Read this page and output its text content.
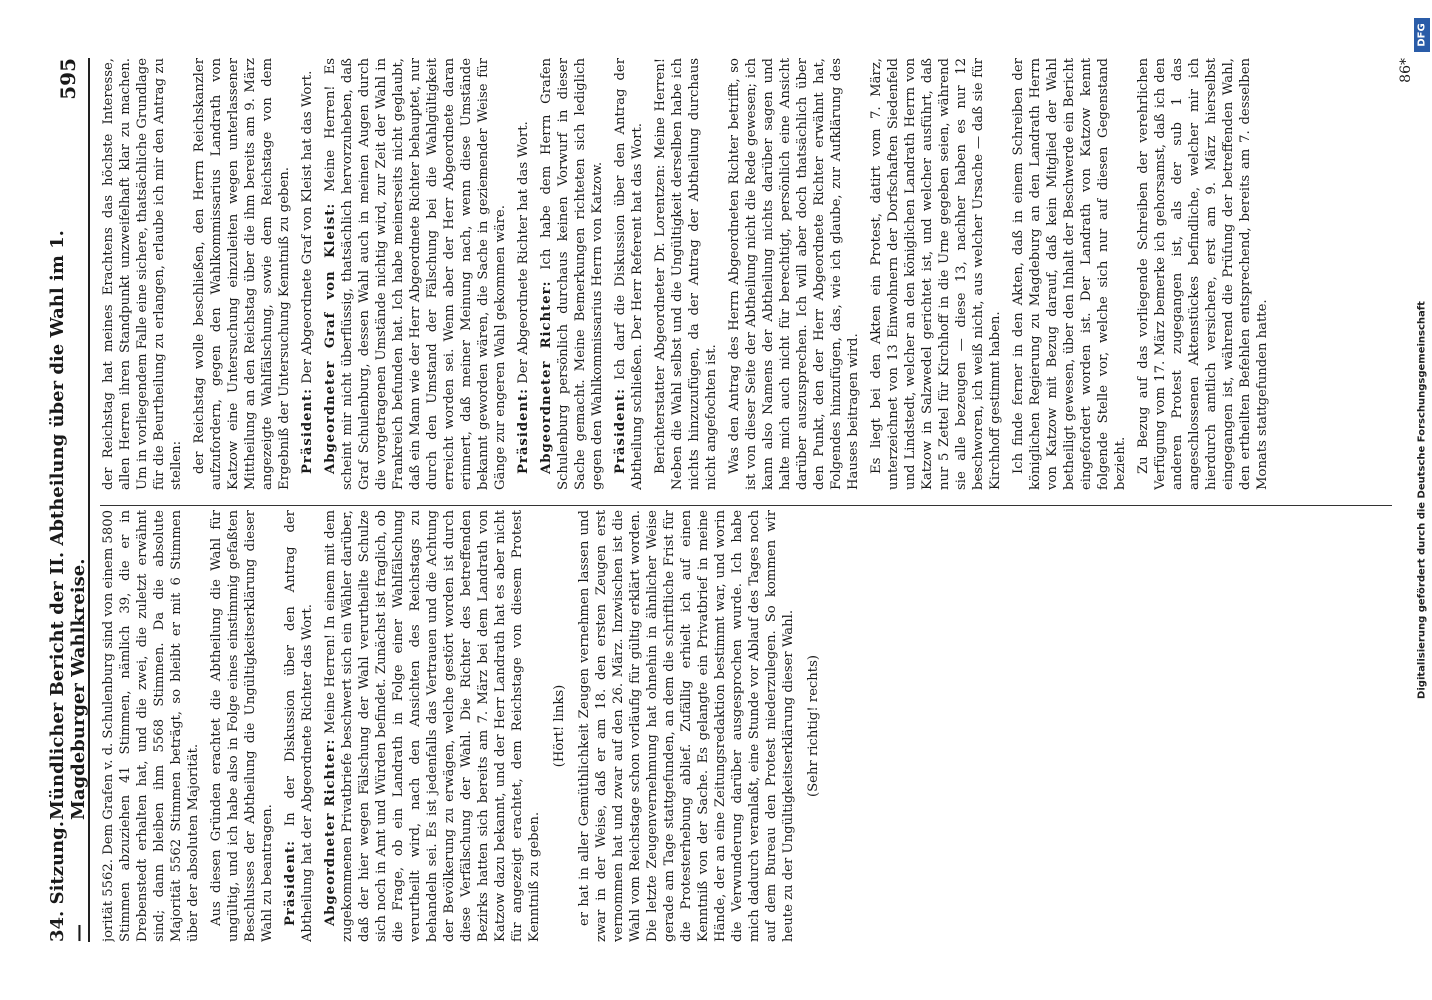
34. Sitzung. —
Mündlicher Bericht der II. Abtheilung über die Wahl im 1. Magdeburger Wahlkreise.
595

jorität 5562. Dem Grafen v. d. Schulenburg sind von einem 5800 Stimmen abzuziehen 41 Stimmen, nämlich 39, die er in Drebenstedt erhalten hat, und die zwei, die zuletzt erwähnt sind; dann bleiben ihm 5568 Stimmen. Da die absolute Majorität 5562 Stimmen beträgt, so bleibt er mit 6 Stimmen über der absoluten Majorität. Aus diesen Gründen erachtet die Abtheilung die Wahl für ungültig, und ich habe also in Folge eines einstimmig gefaßten Beschlusses der Abtheilung die Ungültigkeitserklärung dieser Wahl zu beantragen. Präsident: In der Diskussion über den Antrag der Abtheilung hat der Abgeordnete Richter das Wort. Abgeordneter Richter: Meine Herren! In einem mit dem zugekommenen Privatbriefe beschwert sich ein Wähler darüber, daß der hier wegen Fälschung der Wahl verurtheilte Schulze sich noch in Amt und Würden befindet. Zunächst ist fraglich, ob die Frage, ob ein Landrath in Folge einer Wahlfälschung verurtheilt wird, nach den Ansichten des Reichstags zu behandeln sei. Es ist jedenfalls das Vertrauen und die Achtung der Bevölkerung zu erwägen, welche gestört worden ist durch diese Verfälschung der Wahl. Die Richter des betreffenden Bezirks hatten sich bereits am 7. März bei dem Landrath von Katzow dazu bekannt, und der Herr Landrath hat es aber nicht für angezeigt erachtet, dem Reichstage von diesem Protest Kenntniß zu geben.

(Hört! links) er hat in aller Gemüthlichkeit Zeugen vernehmen lassen und zwar in der Weise, daß er am 18. den ersten Zeugen erst vernommen hat und zwar auf den 26. März. Inzwischen ist die Wahl vom Reichstage schon vorläufig für gültig erklärt worden. Die letzte Zeugenvernehmung hat ohnehin in ähnlicher Weise gerade am Tage stattgefunden, an dem die schriftliche Frist für die Protesterhebung ablief. Zufällig erhielt ich auf einen Kenntniß von der Sache. Es gelangte ein Privatbrief in meine Hände, der an eine Zeitungsredaktion bestimmt war, und worin die Verwunderung darüber ausgesprochen wurde. Ich habe mich dadurch veranlaßt, eine Stunde vor Ablauf des Tages noch auf dem Bureau den Protest niederzulegen. So kommen wir heute zu der Ungültigkeitserklärung dieser Wahl. (Sehr richtig! rechts)

der Reichstag hat meines Erachtens das höchste Interesse, allen Herren ihren Standpunkt unzweifelhaft klar zu machen. Um in vorliegendem Falle eine sichere, thatsächliche Grundlage für die Beurtheilung zu erlangen, erlaube ich mir den Antrag zu stellen: der Reichstag wolle beschließen, den Herrn Reichskanzler aufzufordern, gegen den Wahlkommissarius Landrath von Katzow eine Untersuchung einzuleiten wegen unterlassener Mittheilung an den Reichstag über die ihm bereits am 9. März angezeigte Wahlfälschung, sowie dem Reichstage von dem Ergebniß der Untersuchung Kenntniß zu geben. Präsident: Der Abgeordnete Graf von Kleist hat das Wort. Abgeordneter Graf von Kleist: Meine Herren! Es scheint mir nicht überflüssig, thatsächlich hervorzuheben, daß Graf Schulenburg, dessen Wahl auch in meinen Augen durch die vorgetragenen Umstände nichtig wird, zur Zeit der Wahl in Frankreich befunden hat. Ich habe meinerseits nicht geglaubt, daß ein Mann wie der Herr Abgeordnete Richter behauptet, nur durch den Umstand der Fälschung bei die Wahlgültigkeit erreicht worden sei. Wenn aber der Herr Abgeordnete daran erinnert, daß meiner Meinung nach, wenn diese Umstände bekannt geworden wären, die Sache in geziemender Weise für Gänge zur engeren Wahl gekommen wäre. Präsident: Der Abgeordnete Richter hat das Wort. Abgeordneter Richter: Ich habe dem Herrn Grafen Schulenburg persönlich durchaus keinen Vorwurf in dieser Sache gemacht. Meine Bemerkungen richteten sich lediglich gegen den Wahlkommissarius Herrn von Katzow. Präsident: Ich darf die Diskussion über den Antrag der Abtheilung schließen. Der Herr Referent hat das Wort. Berichterstatter Abgeordneter Dr. Lorentzen: Meine Herren! Neben die Wahl selbst und die Ungültigkeit derselben habe ich nichts hinzuzufügen, da der Antrag der Abtheilung durchaus nicht angefochten ist. Was den Antrag des Herrn Abgeordneten Richter betrifft, so ist von dieser Seite der Abtheilung nicht die Rede gewesen; ich kann also Namens der Abtheilung nichts darüber sagen und halte mich auch nicht für berechtigt, persönlich eine Ansicht darüber auszusprechen. Ich will aber doch thatsächlich über den Punkt, den der Herr Abgeordnete Richter erwähnt hat, Folgendes hinzufügen, das, wie ich glaube, zur Aufklärung des Hauses beitragen wird. Es liegt bei den Akten ein Protest, datirt vom 7. März, unterzeichnet von 13 Einwohnern der Dorfschaften Siedenfeld und Lindstedt, welcher an den königlichen Landrath Herrn von Katzow in Salzwedel gerichtet ist, und welcher ausführt, daß nur 5 Zettel für Kirchhoff in die Urne gegeben seien, während sie alle bezeugen — diese 13, nachher haben es nur 12 beschworen, ich weiß nicht, aus welcher Ursache — daß sie für Kirchhoff gestimmt haben. Ich finde ferner in den Akten, daß in einem Schreiben der königlichen Regierung zu Magdeburg an den Landrath Herrn von Katzow mit Bezug darauf, daß kein Mitglied der Wahl betheiligt gewesen, über den Inhalt der Beschwerde ein Bericht eingefordert worden ist. Der Landrath von Katzow kennt folgende Stelle vor, welche sich nur auf diesen Gegenstand bezieht. Zu Bezug auf das vorliegende Schreiben der verehrlichen Verfügung vom 17. März bemerke ich gehorsamst, daß ich den anderen Protest zugegangen ist, als der sub 1 das angeschlossenen Aktenstückes befindliche, welcher mir ich hierdurch amtlich versichere, erst am 9. März hierselbst eingegangen ist, während die Prüfung der betreffenden Wahl, den ertheilten Befehlen entsprechend, bereits am 7. desselben Monats stattgefunden hatte.

86*
Digitalisierung gefördert durch die Deutsche Forschungsgemeinschaft
DFG
